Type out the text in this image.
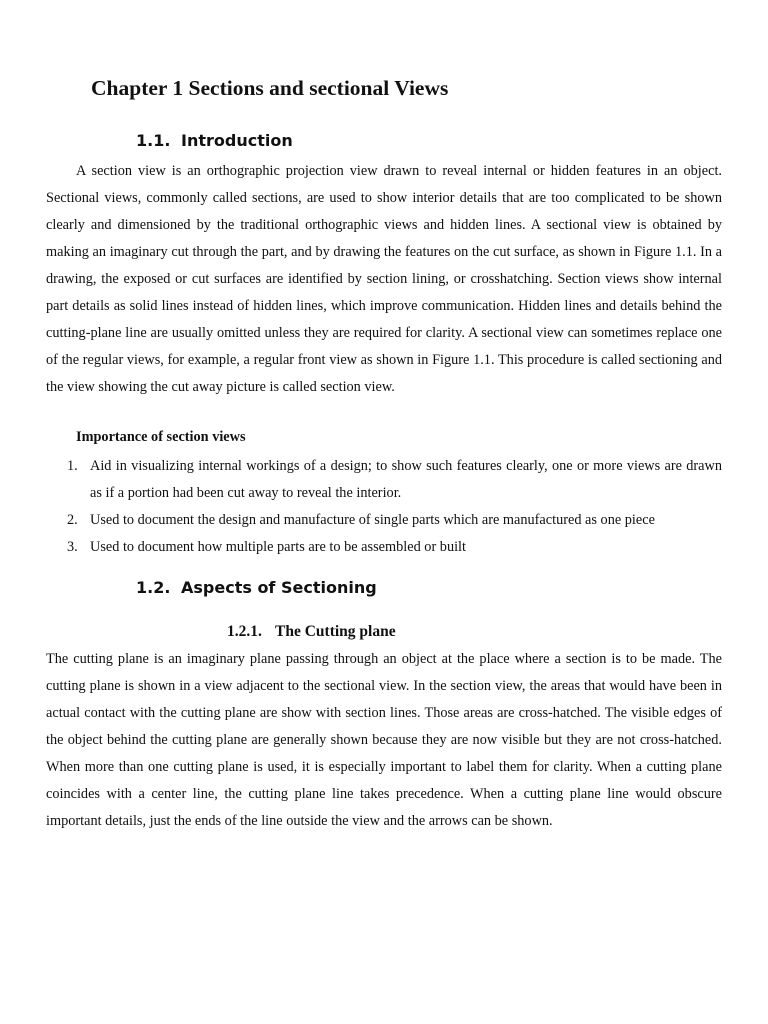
Chapter 1 Sections and sectional Views
1.1. Introduction

A section view is an orthographic projection view drawn to reveal internal or hidden features in an object. Sectional views, commonly called sections, are used to show interior details that are too complicated to be shown clearly and dimensioned by the traditional orthographic views and hidden lines. A sectional view is obtained by making an imaginary cut through the part, and by drawing the features on the cut surface, as shown in Figure 1.1. In a drawing, the exposed or cut surfaces are identified by section lining, or crosshatching. Section views show internal part details as solid lines instead of hidden lines, which improve communication. Hidden lines and details behind the cutting-plane line are usually omitted unless they are required for clarity. A sectional view can sometimes replace one of the regular views, for example, a regular front view as shown in Figure 1.1. This procedure is called sectioning and the view showing the cut away picture is called section view.

Importance of section views
1. Aid in visualizing internal workings of a design; to show such features clearly, one or more views are drawn as if a portion had been cut away to reveal the interior.
2. Used to document the design and manufacture of single parts which are manufactured as one piece
3. Used to document how multiple parts are to be assembled or built
1.2. Aspects of Sectioning
1.2.1. The Cutting plane

The cutting plane is an imaginary plane passing through an object at the place where a section is to be made. The cutting plane is shown in a view adjacent to the sectional view. In the section view, the areas that would have been in actual contact with the cutting plane are show with section lines. Those areas are cross-hatched. The visible edges of the object behind the cutting plane are generally shown because they are now visible but they are not cross-hatched. When more than one cutting plane is used, it is especially important to label them for clarity. When a cutting plane coincides with a center line, the cutting plane line takes precedence. When a cutting plane line would obscure important details, just the ends of the line outside the view and the arrows can be shown.
